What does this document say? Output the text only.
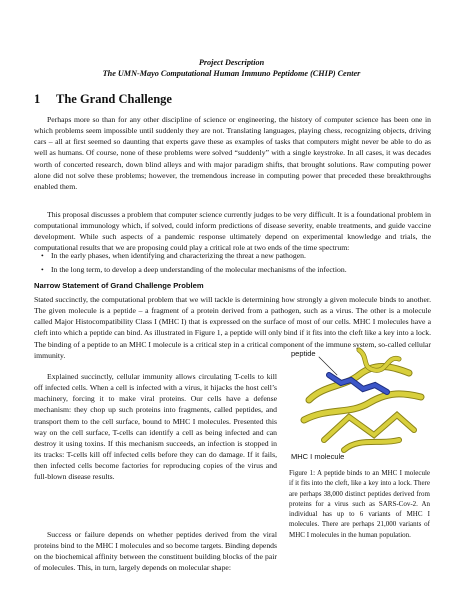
Project Description
The UMN-Mayo Computational Human Immuno Peptidome (CHIP) Center
1 The Grand Challenge

Perhaps more so than for any other discipline of science or engineering, the history of computer science has been one in which problems seem impossible until suddenly they are not. Translating languages, playing chess, recognizing objects, driving cars – all at first seemed so daunting that experts gave these as examples of tasks that computers might never be able to do as well as humans. Of course, none of these problems were solved “suddenly” with a single keystroke. In all cases, it was decades worth of concerted research, down blind alleys and with major paradigm shifts, that brought solutions. Raw computing power alone did not solve these problems; however, the tremendous increase in computing power that preceded these breakthroughs enabled them.

This proposal discusses a problem that computer science currently judges to be very difficult. It is a foundational problem in computational immunology which, if solved, could inform predictions of disease severity, enable treatments, and guide vaccine development. While such aspects of a pandemic response ultimately depend on experimental knowledge and trials, the computational results that we are proposing could play a critical role at two ends of the time spectrum:

• In the early phases, when identifying and characterizing the threat a new pathogen.
• In the long term, to develop a deep understanding of the molecular mechanisms of the infection.
Narrow Statement of Grand Challenge Problem

Stated succinctly, the computational problem that we will tackle is determining how strongly a given molecule binds to another. The given molecule is a peptide – a fragment of a protein derived from a pathogen, such as a virus. The other is a molecule called Major Histocompatibility Class I (MHC I) that is expressed on the surface of most of our cells. MHC I molecules have a cleft into which a peptide can bind. As illustrated in Figure 1, a peptide will only bind if it fits into the cleft like a key into a lock. The binding of a peptide to an MHC I molecule is a critical step in a critical component of the immune system, so-called cellular immunity.

Explained succinctly, cellular immunity allows circulating T-cells to kill off infected cells. When a cell is infected with a virus, it hijacks the host cell’s machinery, forcing it to make viral proteins. Our cells have a defense mechanism: they chop up such proteins into fragments, called peptides, and transport them to the cell surface, bound to MHC I molecules. Presented this way on the cell surface, T-cells can identify a cell as being infected and can destroy it using toxins. If this mechanism succeeds, an infection is stopped in its tracks: T-cells kill off infected cells before they can do damage. If it fails, then infected cells become factories for reproducing copies of the virus and full-blown disease results.

Success or failure depends on whether peptides derived from the viral proteins bind to the MHC I molecules and so become targets. Binding depends on the biochemical affinity between the constituent building blocks of the pair of molecules. This, in turn, largely depends on molecular shape:

peptide
MHC I molecule

Figure 1: A peptide binds to an MHC I molecule if it fits into the cleft, like a key into a lock. There are perhaps 38,000 distinct peptides derived from proteins for a virus such as SARS-Cov-2. An individual has up to 6 variants of MHC I molecules. There are perhaps 21,000 variants of MHC I molecules in the human population.
